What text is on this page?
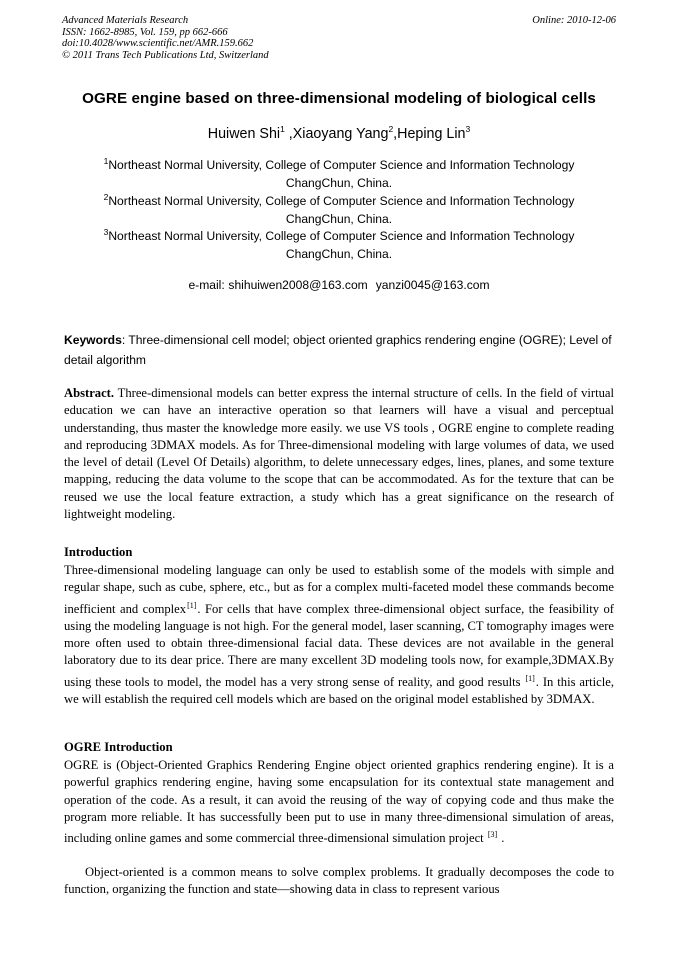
Advanced Materials Research
ISSN: 1662-8985, Vol. 159, pp 662-666
doi:10.4028/www.scientific.net/AMR.159.662
© 2011 Trans Tech Publications Ltd, Switzerland
Online: 2010-12-06
OGRE engine based on three-dimensional modeling of biological cells
Huiwen Shi$^1$ ,Xiaoyang Yang$^2$,Heping Lin$^3$
$^1$Northeast Normal University, College of Computer Science and Information Technology
ChangChun, China.
$^2$Northeast Normal University, College of Computer Science and Information Technology
ChangChun, China.
$^3$Northeast Normal University, College of Computer Science and Information Technology
ChangChun, China.
e-mail: shihuiwen2008@163.com yanzi0045@163.com
Keywords: Three-dimensional cell model; object oriented graphics rendering engine (OGRE); Level of detail algorithm
Abstract. Three-dimensional models can better express the internal structure of cells. In the field of virtual education we can have an interactive operation so that learners will have a visual and perceptual understanding, thus master the knowledge more easily. we use VS tools , OGRE engine to complete reading and reproducing 3DMAX models. As for Three-dimensional modeling with large volumes of data, we used the level of detail (Level Of Details) algorithm, to delete unnecessary edges, lines, planes, and some texture mapping, reducing the data volume to the scope that can be accommodated. As for the texture that can be reused we use the local feature extraction, a study which has a great significance on the research of lightweight modeling.
Introduction
Three-dimensional modeling language can only be used to establish some of the models with simple and regular shape, such as cube, sphere, etc., but as for a complex multi-faceted model these commands become inefficient and complex[1]. For cells that have complex three-dimensional object surface, the feasibility of using the modeling language is not high. For the general model, laser scanning, CT tomography images were more often used to obtain three-dimensional facial data. These devices are not available in the general laboratory due to its dear price. There are many excellent 3D modeling tools now, for example,3DMAX.By using these tools to model, the model has a very strong sense of reality, and good results [1]. In this article, we will establish the required cell models which are based on the original model established by 3DMAX.
OGRE Introduction
OGRE is (Object-Oriented Graphics Rendering Engine object oriented graphics rendering engine). It is a powerful graphics rendering engine, having some encapsulation for its contextual state management and operation of the code. As a result, it can avoid the reusing of the way of copying code and thus make the program more reliable. It has successfully been put to use in many three-dimensional simulation of areas, including online games and some commercial three-dimensional simulation project [3] .
Object-oriented is a common means to solve complex problems. It gradually decomposes the code to function, organizing the function and state—showing data in class to represent various
